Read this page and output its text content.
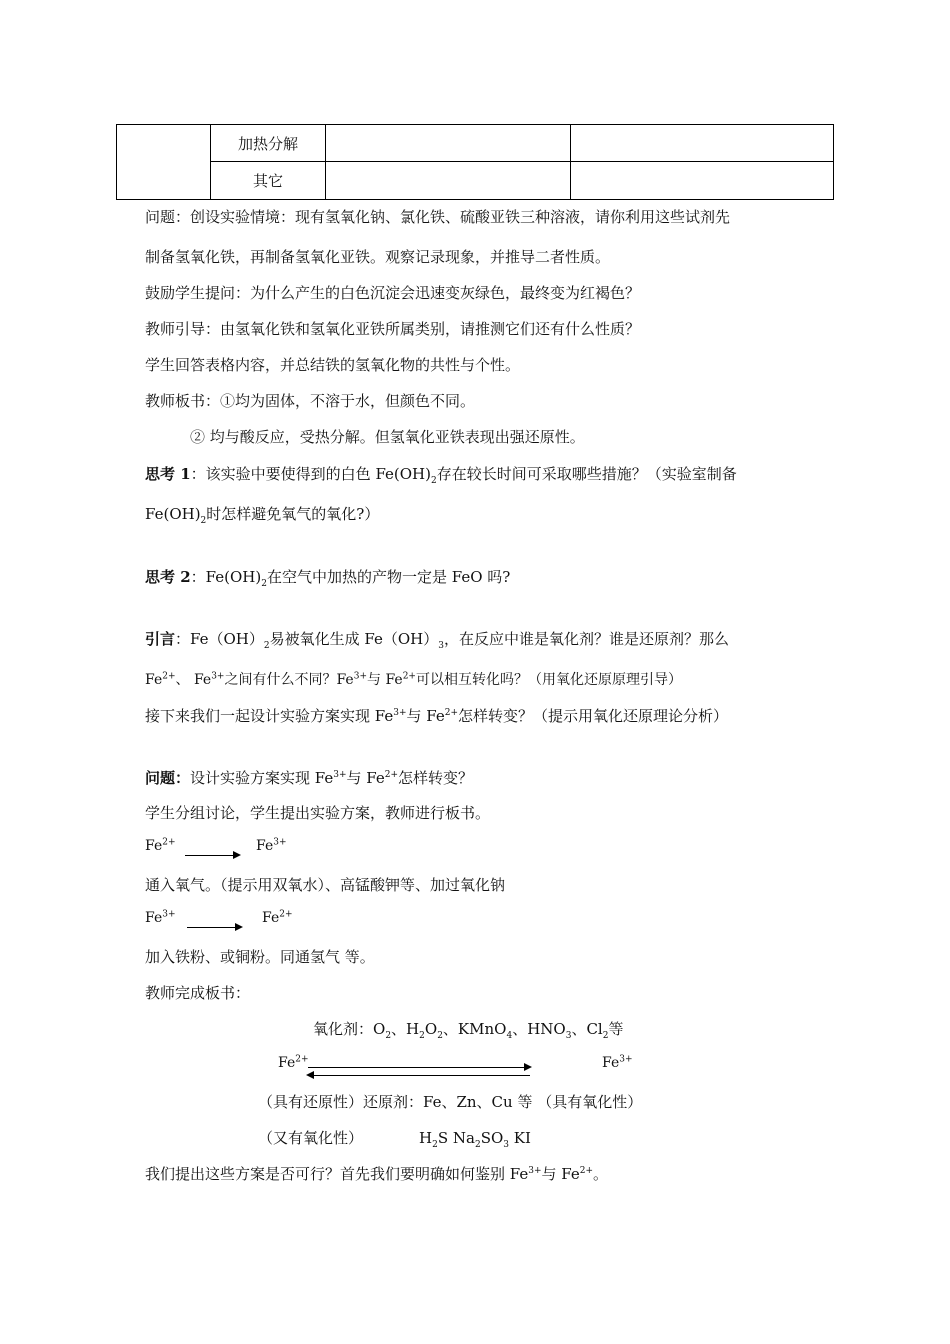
	加热分解		
	其它		
问题：创设实验情境：现有氢氧化钠、氯化铁、硫酸亚铁三种溶液，请你利用这些试剂先
制备氢氧化铁，再制备氢氧化亚铁。观察记录现象，并推导二者性质。
鼓励学生提问：为什么产生的白色沉淀会迅速变灰绿色，最终变为红褐色？
教师引导：由氢氧化铁和氢氧化亚铁所属类别，请推测它们还有什么性质？
学生回答表格内容，并总结铁的氢氧化物的共性与个性。
教师板书：①均为固体，不溶于水，但颜色不同。
② 均与酸反应，受热分解。但氢氧化亚铁表现出强还原性。
思考 1：该实验中要使得到的白色 $Fe(OH)_2$存在较长时间可采取哪些措施？（实验室制备
$Fe(OH)_2$时怎样避免氧气的氧化?）
思考 2：$Fe(OH)_2$在空气中加热的产物一定是 FeO 吗?
引言：$Fe(OH)_2$易被氧化生成 $Fe(OH)_3$，在反应中谁是氧化剂？谁是还原剂？那么
$Fe^{2+}$、 $Fe^{3+}$之间有什么不同？$Fe^{3+}$与 $Fe^{2+}$可以相互转化吗？（用氧化还原原理引导）
接下来我们一起设计实验方案实现 $Fe^{3+}$与 $Fe^{2+}$怎样转变？（提示用氧化还原理论分析）
问题：设计实验方案实现 $Fe^{3+}$与 $Fe^{2+}$怎样转变？
学生分组讨论，学生提出实验方案，教师进行板书。
$Fe^{2+}$	$Fe^{3+}$
通入氧气。（提示用双氧水）、高锰酸钾等、加过氧化钠
$Fe^{3+}$	$Fe^{2+}$
加入铁粉、或铜粉。同通氢气 等。
教师完成板书：
氧化剂：$O_2$、$H_2O_2$、KMnO$_4$、$HNO_3$、$Cl_2$等
$Fe^{2+}$	$Fe^{3+}$
（具有还原性）还原剂：Fe、Zn、Cu 等 （具有氧化性）
（又有氧化性）	$H_2S$ $Na_2SO_3$ KI
我们提出这些方案是否可行？首先我们要明确如何鉴别 $Fe^{3+}$与 $Fe^{2+}$。
